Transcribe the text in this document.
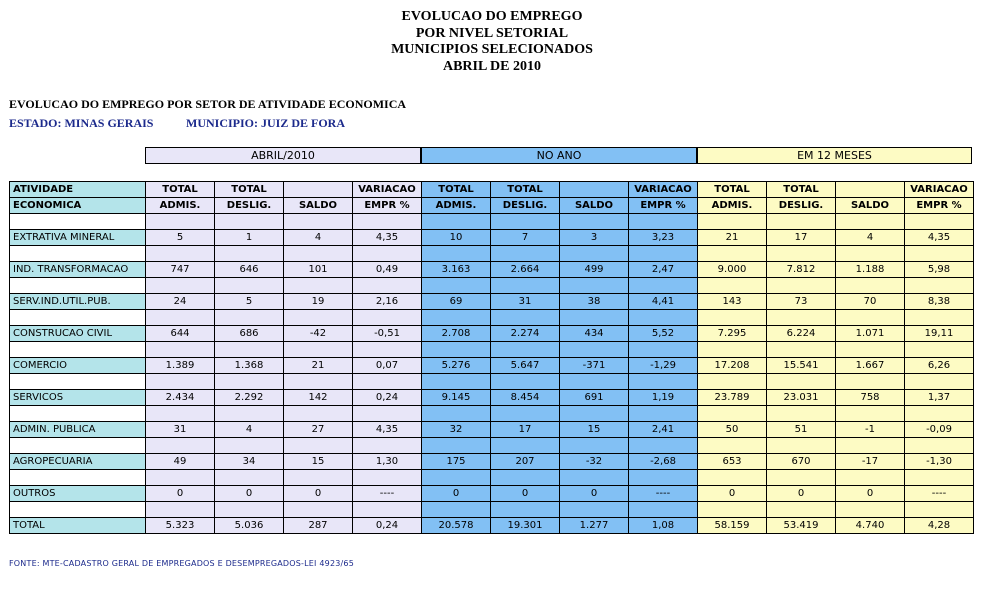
EVOLUCAO DO EMPREGO
POR NIVEL SETORIAL
MUNICIPIOS SELECIONADOS
ABRIL DE 2010
EVOLUCAO DO EMPREGO POR SETOR DE ATIVIDADE ECONOMICA
ESTADO: MINAS GERAIS	MUNICIPIO: JUIZ DE FORA
ABRIL/2010	NO ANO	EM 12 MESES
ATIVIDADE	TOTAL	TOTAL		VARIACAO	TOTAL	TOTAL		VARIACAO	TOTAL	TOTAL		VARIACAO
ECONOMICA	ADMIS.	DESLIG.	SALDO	EMPR %	ADMIS.	DESLIG.	SALDO	EMPR %	ADMIS.	DESLIG.	SALDO	EMPR %

EXTRATIVA MINERAL	5	1	4	4,35	10	7	3	3,23	21	17	4	4,35

IND. TRANSFORMACAO	747	646	101	0,49	3.163	2.664	499	2,47	9.000	7.812	1.188	5,98

SERV.IND.UTIL.PUB.	24	5	19	2,16	69	31	38	4,41	143	73	70	8,38

CONSTRUCAO CIVIL	644	686	-42	-0,51	2.708	2.274	434	5,52	7.295	6.224	1.071	19,11

COMERCIO	1.389	1.368	21	0,07	5.276	5.647	-371	-1,29	17.208	15.541	1.667	6,26

SERVICOS	2.434	2.292	142	0,24	9.145	8.454	691	1,19	23.789	23.031	758	1,37

ADMIN. PUBLICA	31	4	27	4,35	32	17	15	2,41	50	51	-1	-0,09

AGROPECUARIA	49	34	15	1,30	175	207	-32	-2,68	653	670	-17	-1,30

OUTROS	0	0	0	----	0	0	0	----	0	0	0	----

TOTAL	5.323	5.036	287	0,24	20.578	19.301	1.277	1,08	58.159	53.419	4.740	4,28
FONTE: MTE-CADASTRO GERAL DE EMPREGADOS E DESEMPREGADOS-LEI 4923/65
